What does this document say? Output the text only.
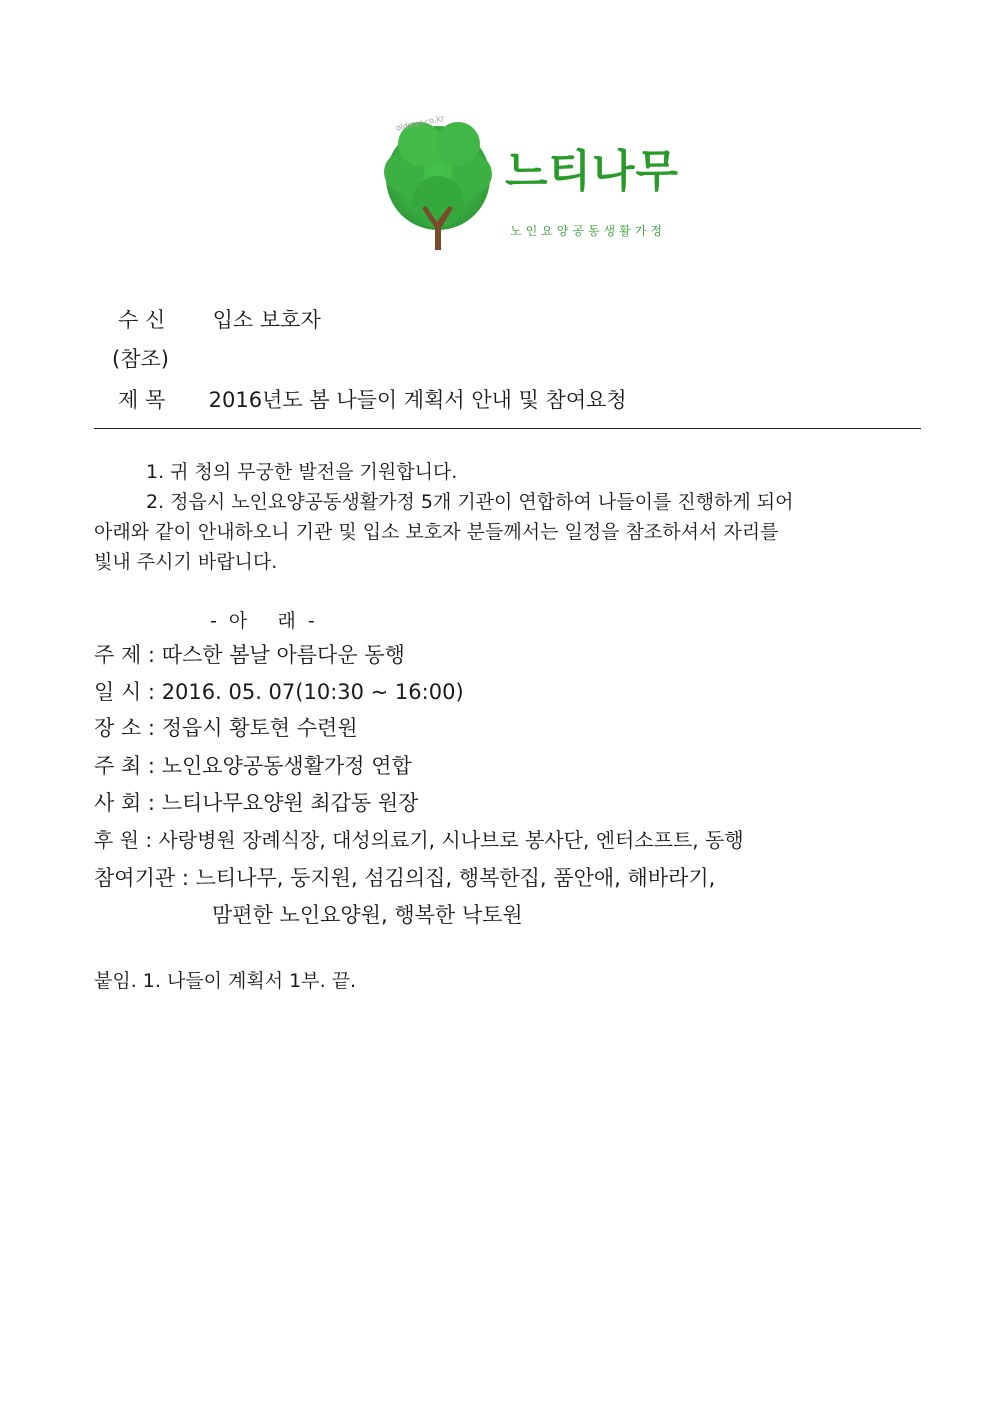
oldster.co.kr
느티나무
노인요양공동생활가정
수 신 입소 보호자
(참조)
제 목 2016년도 봄 나들이 계획서 안내 및 참여요청
1. 귀 청의 무궁한 발전을 기원합니다.
2. 정읍시 노인요양공동생활가정 5개 기관이 연합하여 나들이를 진행하게 되어
아래와 같이 안내하오니 기관 및 입소 보호자 분들께서는 일정을 참조하셔서 자리를
빛내 주시기 바랍니다.
-  아     래  -
주 제 : 따스한 봄날 아름다운 동행
일 시 : 2016. 05. 07(10:30 ~ 16:00)
장 소 : 정읍시 황토현 수련원
주 최 : 노인요양공동생활가정 연합
사 회 : 느티나무요양원 최갑동 원장
후 원 : 사랑병원 장례식장, 대성의료기, 시나브로 봉사단, 엔터소프트, 동행
참여기관 : 느티나무, 둥지원, 섬김의집, 행복한집, 품안애, 해바라기,
맘편한 노인요양원, 행복한 낙토원
붙임. 1. 나들이 계획서 1부. 끝.
